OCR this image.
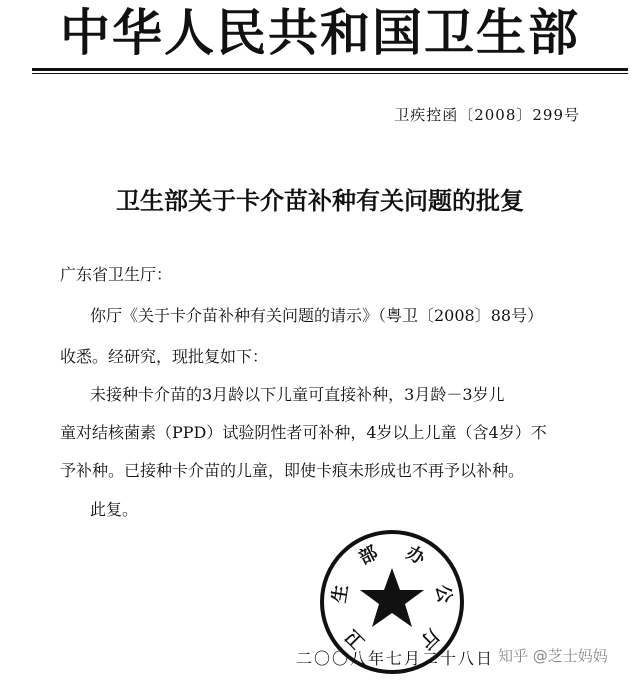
中华人民共和国卫生部
卫疾控函〔2008〕299号
卫生部关于卡介苗补种有关问题的批复
广东省卫生厅：
你厅《关于卡介苗补种有关问题的请示》（粤卫〔2008〕88号）
收悉。经研究，现批复如下：
未接种卡介苗的3月龄以下儿童可直接补种，3月龄－3岁儿
童对结核菌素（PPD）试验阴性者可补种，4岁以上儿童（含4岁）不
予补种。已接种卡介苗的儿童，即使卡痕未形成也不再予以补种。
此复。
卫
生
部 办
公
厅
二〇〇八年七月二十八日 知乎 @芝士妈妈
